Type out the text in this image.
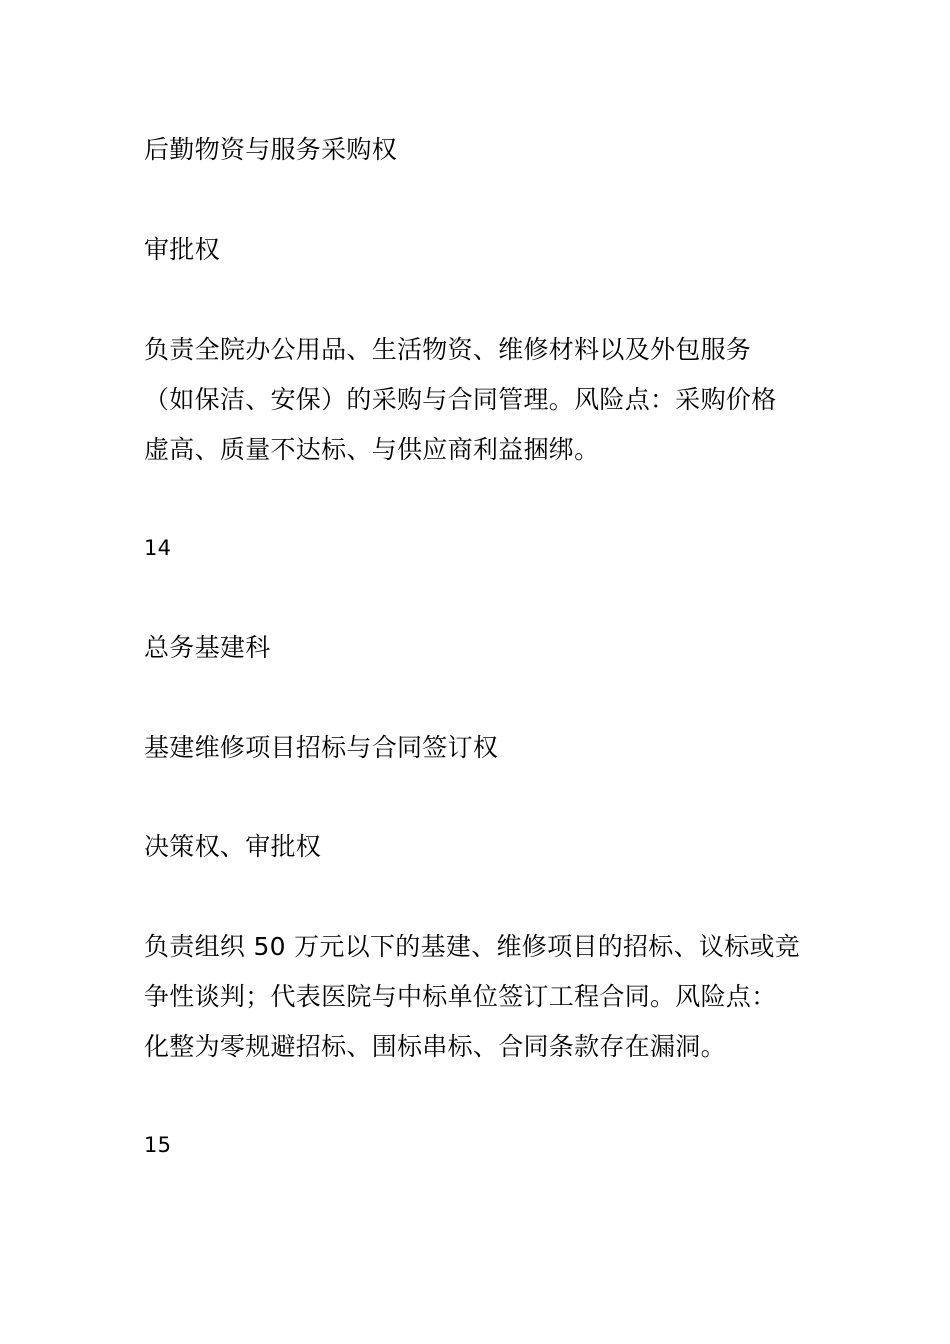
后勤物资与服务采购权
审批权
负责全院办公用品、生活物资、维修材料以及外包服务
（如保洁、安保）的采购与合同管理。风险点：采购价格
虚高、质量不达标、与供应商利益捆绑。
14
总务基建科
基建维修项目招标与合同签订权
决策权、审批权
负责组织 50 万元以下的基建、维修项目的招标、议标或竞
争性谈判；代表医院与中标单位签订工程合同。风险点：
化整为零规避招标、围标串标、合同条款存在漏洞。
15
